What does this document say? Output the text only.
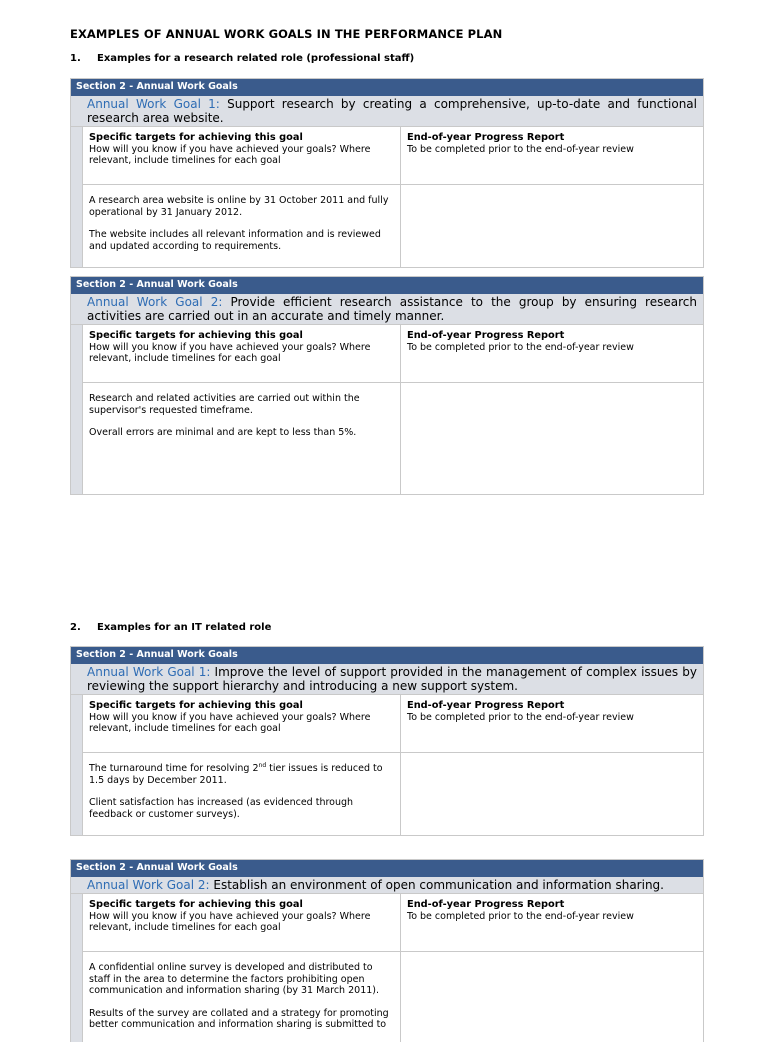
EXAMPLES OF ANNUAL WORK GOALS IN THE PERFORMANCE PLAN
1. Examples for a research related role (professional staff)
Section 2 - Annual Work Goals
Annual Work Goal 1: Support research by creating a comprehensive, up-to-date and functional research area website.
Specific targets for achieving this goal
How will you know if you have achieved your goals? Where relevant, include timelines for each goal
End-of-year Progress Report
To be completed prior to the end-of-year review

A research area website is online by 31 October 2011 and fully operational by 31 January 2012.

The website includes all relevant information and is reviewed and updated according to requirements.

Section 2 - Annual Work Goals
Annual Work Goal 2: Provide efficient research assistance to the group by ensuring research activities are carried out in an accurate and timely manner.
Specific targets for achieving this goal
How will you know if you have achieved your goals? Where relevant, include timelines for each goal
End-of-year Progress Report
To be completed prior to the end-of-year review

Research and related activities are carried out within the supervisor's requested timeframe.

Overall errors are minimal and are kept to less than 5%.

2. Examples for an IT related role
Section 2 - Annual Work Goals
Annual Work Goal 1: Improve the level of support provided in the management of complex issues by reviewing the support hierarchy and introducing a new support system.
Specific targets for achieving this goal
How will you know if you have achieved your goals? Where relevant, include timelines for each goal
End-of-year Progress Report
To be completed prior to the end-of-year review

The turnaround time for resolving 2nd tier issues is reduced to 1.5 days by December 2011.

Client satisfaction has increased (as evidenced through feedback or customer surveys).

Section 2 - Annual Work Goals
Annual Work Goal 2: Establish an environment of open communication and information sharing.
Specific targets for achieving this goal
How will you know if you have achieved your goals? Where relevant, include timelines for each goal
End-of-year Progress Report
To be completed prior to the end-of-year review

A confidential online survey is developed and distributed to staff in the area to determine the factors prohibiting open communication and information sharing (by 31 March 2011).

Results of the survey are collated and a strategy for promoting better communication and information sharing is submitted to
